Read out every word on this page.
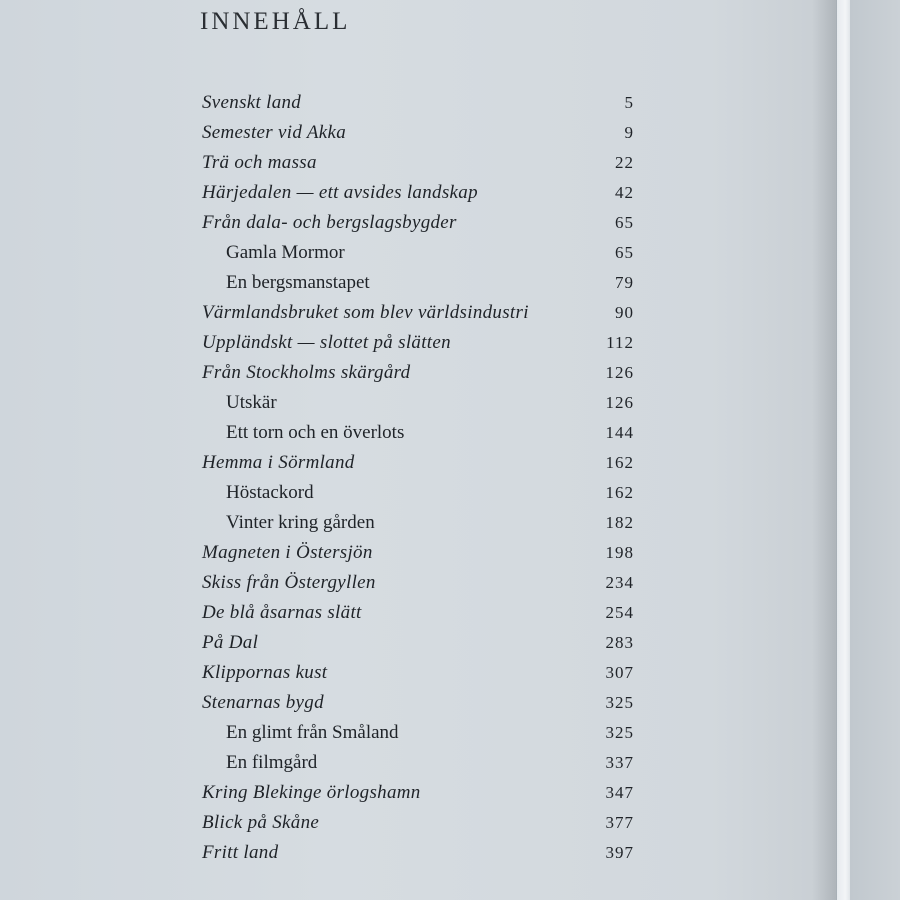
INNEHÅLL
Svenskt land	5
Semester vid Akka	9
Trä och massa	22
Härjedalen — ett avsides landskap	42
Från dala- och bergslagsbygder	65
Gamla Mormor	65
En bergsmanstapet	79
Värmlandsbruket som blev världsindustri	90
Uppländskt — slottet på slätten	112
Från Stockholms skärgård	126
Utskär	126
Ett torn och en överlots	144
Hemma i Sörmland	162
Höstackord	162
Vinter kring gården	182
Magneten i Östersjön	198
Skiss från Östergyllen	234
De blå åsarnas slätt	254
På Dal	283
Klippornas kust	307
Stenarnas bygd	325
En glimt från Småland	325
En filmgård	337
Kring Blekinge örlogshamn	347
Blick på Skåne	377
Fritt land	397
